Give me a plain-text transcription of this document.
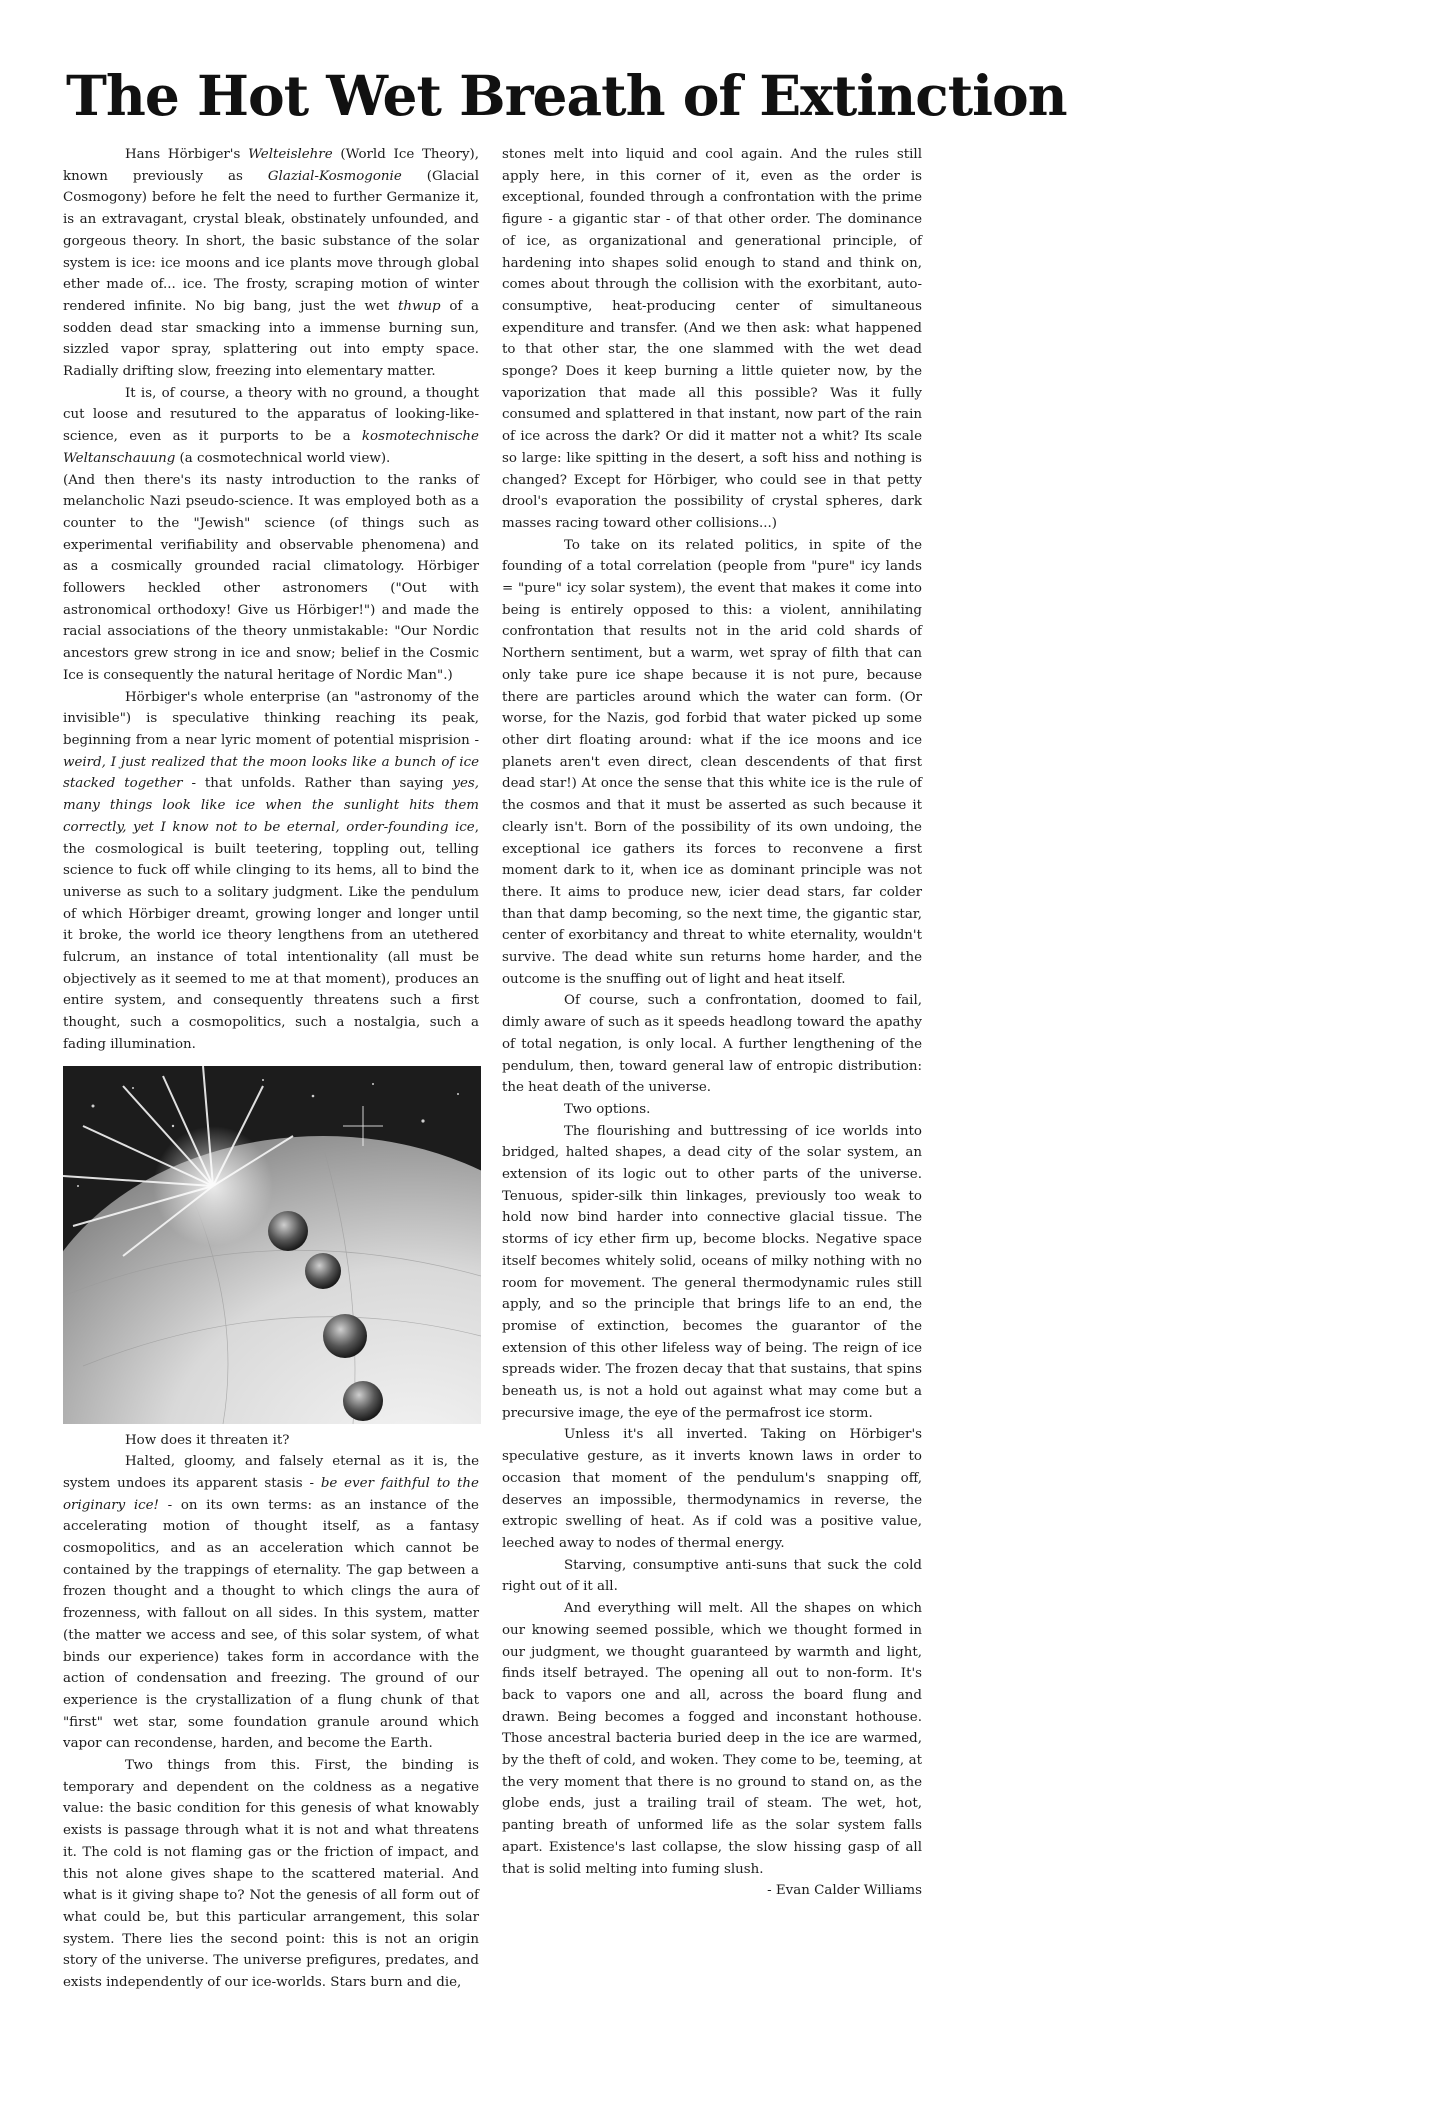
The Hot Wet Breath of Extinction

Hans Hörbiger's Welteislehre (World Ice Theory), known previously as Glazial-Kosmogonie (Glacial Cosmogony) before he felt the need to further Germanize it, is an extravagant, crystal bleak, obstinately unfounded, and gorgeous theory. In short, the basic substance of the solar system is ice: ice moons and ice plants move through global ether made of... ice. The frosty, scraping motion of winter rendered infinite. No big bang, just the wet thwup of a sodden dead star smacking into a immense burning sun, sizzled vapor spray, splattering out into empty space. Radially drifting slow, freezing into elementary matter.

It is, of course, a theory with no ground, a thought cut loose and resutured to the apparatus of looking-like-science, even as it purports to be a kosmotechnische Weltanschauung (a cosmotechnical world view).

(And then there's its nasty introduction to the ranks of melancholic Nazi pseudo-science. It was employed both as a counter to the "Jewish" science (of things such as experimental verifiability and observable phenomena) and as a cosmically grounded racial climatology. Hörbiger followers heckled other astronomers ("Out with astronomical orthodoxy! Give us Hörbiger!") and made the racial associations of the theory unmistakable: "Our Nordic ancestors grew strong in ice and snow; belief in the Cosmic Ice is consequently the natural heritage of Nordic Man".)

Hörbiger's whole enterprise (an "astronomy of the invisible") is speculative thinking reaching its peak, beginning from a near lyric moment of potential misprision - weird, I just realized that the moon looks like a bunch of ice stacked together - that unfolds. Rather than saying yes, many things look like ice when the sunlight hits them correctly, yet I know not to be eternal, order-founding ice, the cosmological is built teetering, toppling out, telling science to fuck off while clinging to its hems, all to bind the universe as such to a solitary judgment. Like the pendulum of which Hörbiger dreamt, growing longer and longer until it broke, the world ice theory lengthens from an utethered fulcrum, an instance of total intentionality (all must be objectively as it seemed to me at that moment), produces an entire system, and consequently threatens such a first thought, such a cosmopolitics, such a nostalgia, such a fading illumination.

How does it threaten it?

Halted, gloomy, and falsely eternal as it is, the system undoes its apparent stasis - be ever faithful to the originary ice! - on its own terms: as an instance of the accelerating motion of thought itself, as a fantasy cosmopolitics, and as an acceleration which cannot be contained by the trappings of eternality. The gap between a frozen thought and a thought to which clings the aura of frozenness, with fallout on all sides. In this system, matter (the matter we access and see, of this solar system, of what binds our experience) takes form in accordance with the action of condensation and freezing. The ground of our experience is the crystallization of a flung chunk of that "first" wet star, some foundation granule around which vapor can recondense, harden, and become the Earth.

Two things from this. First, the binding is temporary and dependent on the coldness as a negative value: the basic condition for this genesis of what knowably exists is passage through what it is not and what threatens it. The cold is not flaming gas or the friction of impact, and this not alone gives shape to the scattered material. And what is it giving shape to? Not the genesis of all form out of what could be, but this particular arrangement, this solar system. There lies the second point: this is not an origin story of the universe. The universe prefigures, predates, and exists independently of our ice-worlds. Stars burn and die,

stones melt into liquid and cool again. And the rules still apply here, in this corner of it, even as the order is exceptional, founded through a confrontation with the prime figure - a gigantic star - of that other order. The dominance of ice, as organizational and generational principle, of hardening into shapes solid enough to stand and think on, comes about through the collision with the exorbitant, auto-consumptive, heat-producing center of simultaneous expenditure and transfer. (And we then ask: what happened to that other star, the one slammed with the wet dead sponge? Does it keep burning a little quieter now, by the vaporization that made all this possible? Was it fully consumed and splattered in that instant, now part of the rain of ice across the dark? Or did it matter not a whit? Its scale so large: like spitting in the desert, a soft hiss and nothing is changed? Except for Hörbiger, who could see in that petty drool's evaporation the possibility of crystal spheres, dark masses racing toward other collisions...)

To take on its related politics, in spite of the founding of a total correlation (people from "pure" icy lands = "pure" icy solar system), the event that makes it come into being is entirely opposed to this: a violent, annihilating confrontation that results not in the arid cold shards of Northern sentiment, but a warm, wet spray of filth that can only take pure ice shape because it is not pure, because there are particles around which the water can form. (Or worse, for the Nazis, god forbid that water picked up some other dirt floating around: what if the ice moons and ice planets aren't even direct, clean descendents of that first dead star!) At once the sense that this white ice is the rule of the cosmos and that it must be asserted as such because it clearly isn't. Born of the possibility of its own undoing, the exceptional ice gathers its forces to reconvene a first moment dark to it, when ice as dominant principle was not there. It aims to produce new, icier dead stars, far colder than that damp becoming, so the next time, the gigantic star, center of exorbitancy and threat to white eternality, wouldn't survive. The dead white sun returns home harder, and the outcome is the snuffing out of light and heat itself.

Of course, such a confrontation, doomed to fail, dimly aware of such as it speeds headlong toward the apathy of total negation, is only local. A further lengthening of the pendulum, then, toward general law of entropic distribution: the heat death of the universe.

Two options.

The flourishing and buttressing of ice worlds into bridged, halted shapes, a dead city of the solar system, an extension of its logic out to other parts of the universe. Tenuous, spider-silk thin linkages, previously too weak to hold now bind harder into connective glacial tissue. The storms of icy ether firm up, become blocks. Negative space itself becomes whitely solid, oceans of milky nothing with no room for movement. The general thermodynamic rules still apply, and so the principle that brings life to an end, the promise of extinction, becomes the guarantor of the extension of this other lifeless way of being. The reign of ice spreads wider. The frozen decay that that sustains, that spins beneath us, is not a hold out against what may come but a precursive image, the eye of the permafrost ice storm.

Unless it's all inverted. Taking on Hörbiger's speculative gesture, as it inverts known laws in order to occasion that moment of the pendulum's snapping off, deserves an impossible, thermodynamics in reverse, the extropic swelling of heat. As if cold was a positive value, leeched away to nodes of thermal energy.

Starving, consumptive anti-suns that suck the cold right out of it all.

And everything will melt. All the shapes on which our knowing seemed possible, which we thought formed in our judgment, we thought guaranteed by warmth and light, finds itself betrayed. The opening all out to non-form. It's back to vapors one and all, across the board flung and drawn. Being becomes a fogged and inconstant hothouse. Those ancestral bacteria buried deep in the ice are warmed, by the theft of cold, and woken. They come to be, teeming, at the very moment that there is no ground to stand on, as the globe ends, just a trailing trail of steam. The wet, hot, panting breath of unformed life as the solar system falls apart. Existence's last collapse, the slow hissing gasp of all that is solid melting into fuming slush.

- Evan Calder Williams
